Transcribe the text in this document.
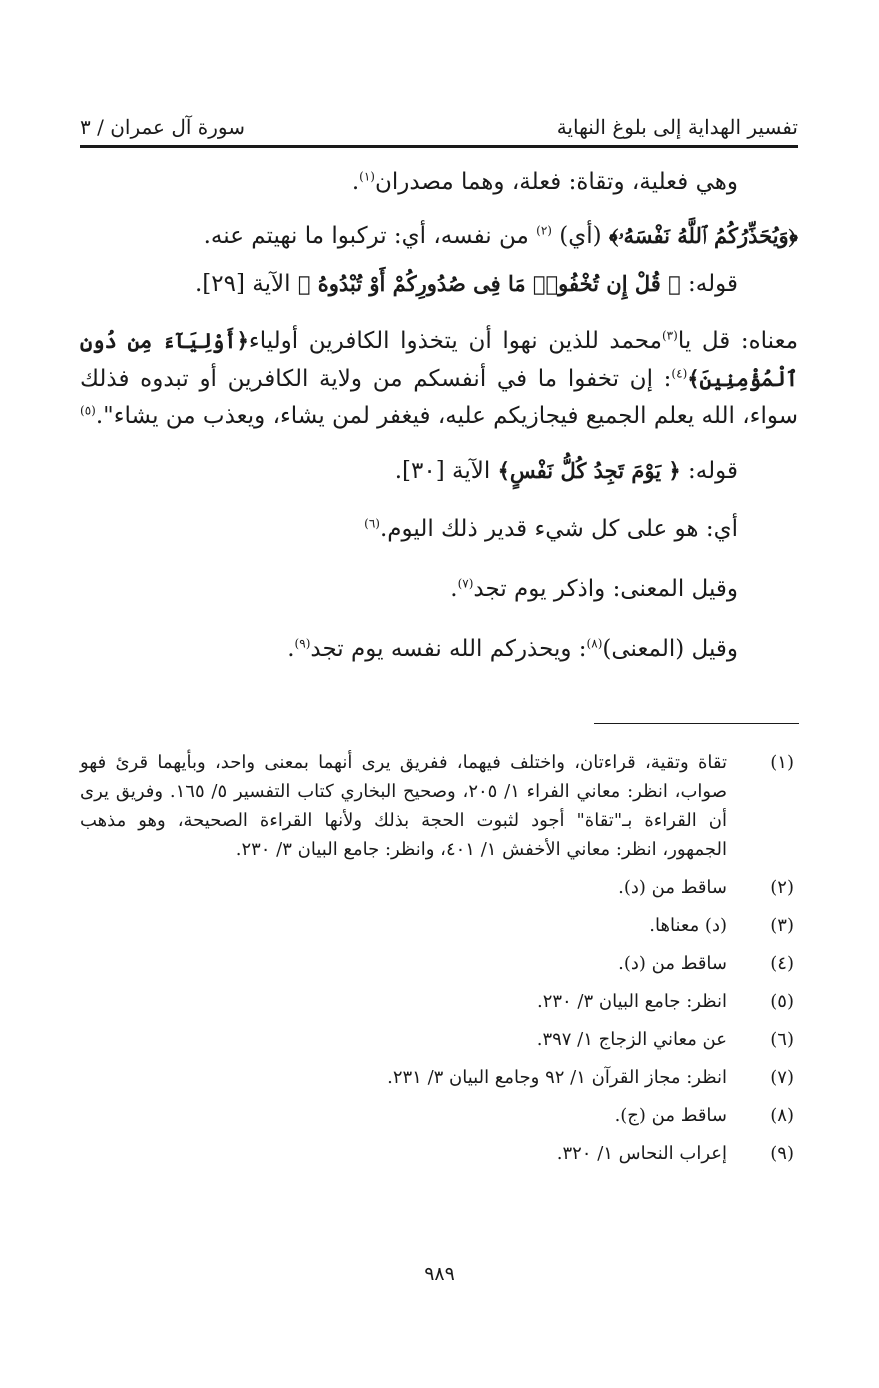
تفسير الهداية إلى بلوغ النهاية
سورة آل عمران / ٣

وهي فعلية، وتقاة: فعلة، وهما مصدران$^{(١)}$.

﴿وَيُحَذِّرُكُمُ ٱللَّهُ نَفْسَهُۥ﴾ (أي) $^{(٢)}$ من نفسه، أي: تركبوا ما نهيتم عنه.

قوله: ﴿ قُلْ إِن تُخْفُوا۟ مَا فِى صُدُورِكُمْ أَوْ تُبْدُوهُ ﴾ الآية [٢٩].

معناه: قل يا$^{(٣)}$محمد للذين نهوا أن يتخذوا الكافرين أولياء﴿أَوْلِيَآءَ مِن دُونِ ٱلْمُؤْمِنِينَ﴾$^{(٤)}$: إن تخفوا ما في أنفسكم من ولاية الكافرين أو تبدوه فذلك سواء، الله يعلم الجميع فيجازيكم عليه، فيغفر لمن يشاء، ويعذب من يشاء".$^{(٥)}$

قوله: ﴿ يَوْمَ تَجِدُ كُلُّ نَفْسٍ﴾ الآية [٣٠].

أي: هو على كل شيء قدير ذلك اليوم.$^{(٦)}$

وقيل المعنى: واذكر يوم تجد$^{(٧)}$.

وقيل (المعنى)$^{(٨)}$: ويحذركم الله نفسه يوم تجد$^{(٩)}$.

(١)
تقاة وتقية، قراءتان، واختلف فيهما، ففريق يرى أنهما بمعنى واحد، وبأيهما قرئ فهو صواب، انظر: معاني الفراء ١/ ٢٠٥، وصحيح البخاري كتاب التفسير ٥/ ١٦٥. وفريق يرى أن القراءة بـ"تقاة" أجود لثبوت الحجة بذلك ولأنها القراءة الصحيحة، وهو مذهب الجمهور، انظر: معاني الأخفش ١/ ٤٠١، وانظر: جامع البيان ٣/ ٢٣٠.
(٢)
ساقط من (د).
(٣)
(د) معناها.
(٤)
ساقط من (د).
(٥)
انظر: جامع البيان ٣/ ٢٣٠.
(٦)
عن معاني الزجاج ١/ ٣٩٧.
(٧)
انظر: مجاز القرآن ١/ ٩٢ وجامع البيان ٣/ ٢٣١.
(٨)
ساقط من (ج).
(٩)
إعراب النحاس ١/ ٣٢٠.
٩٨٩
